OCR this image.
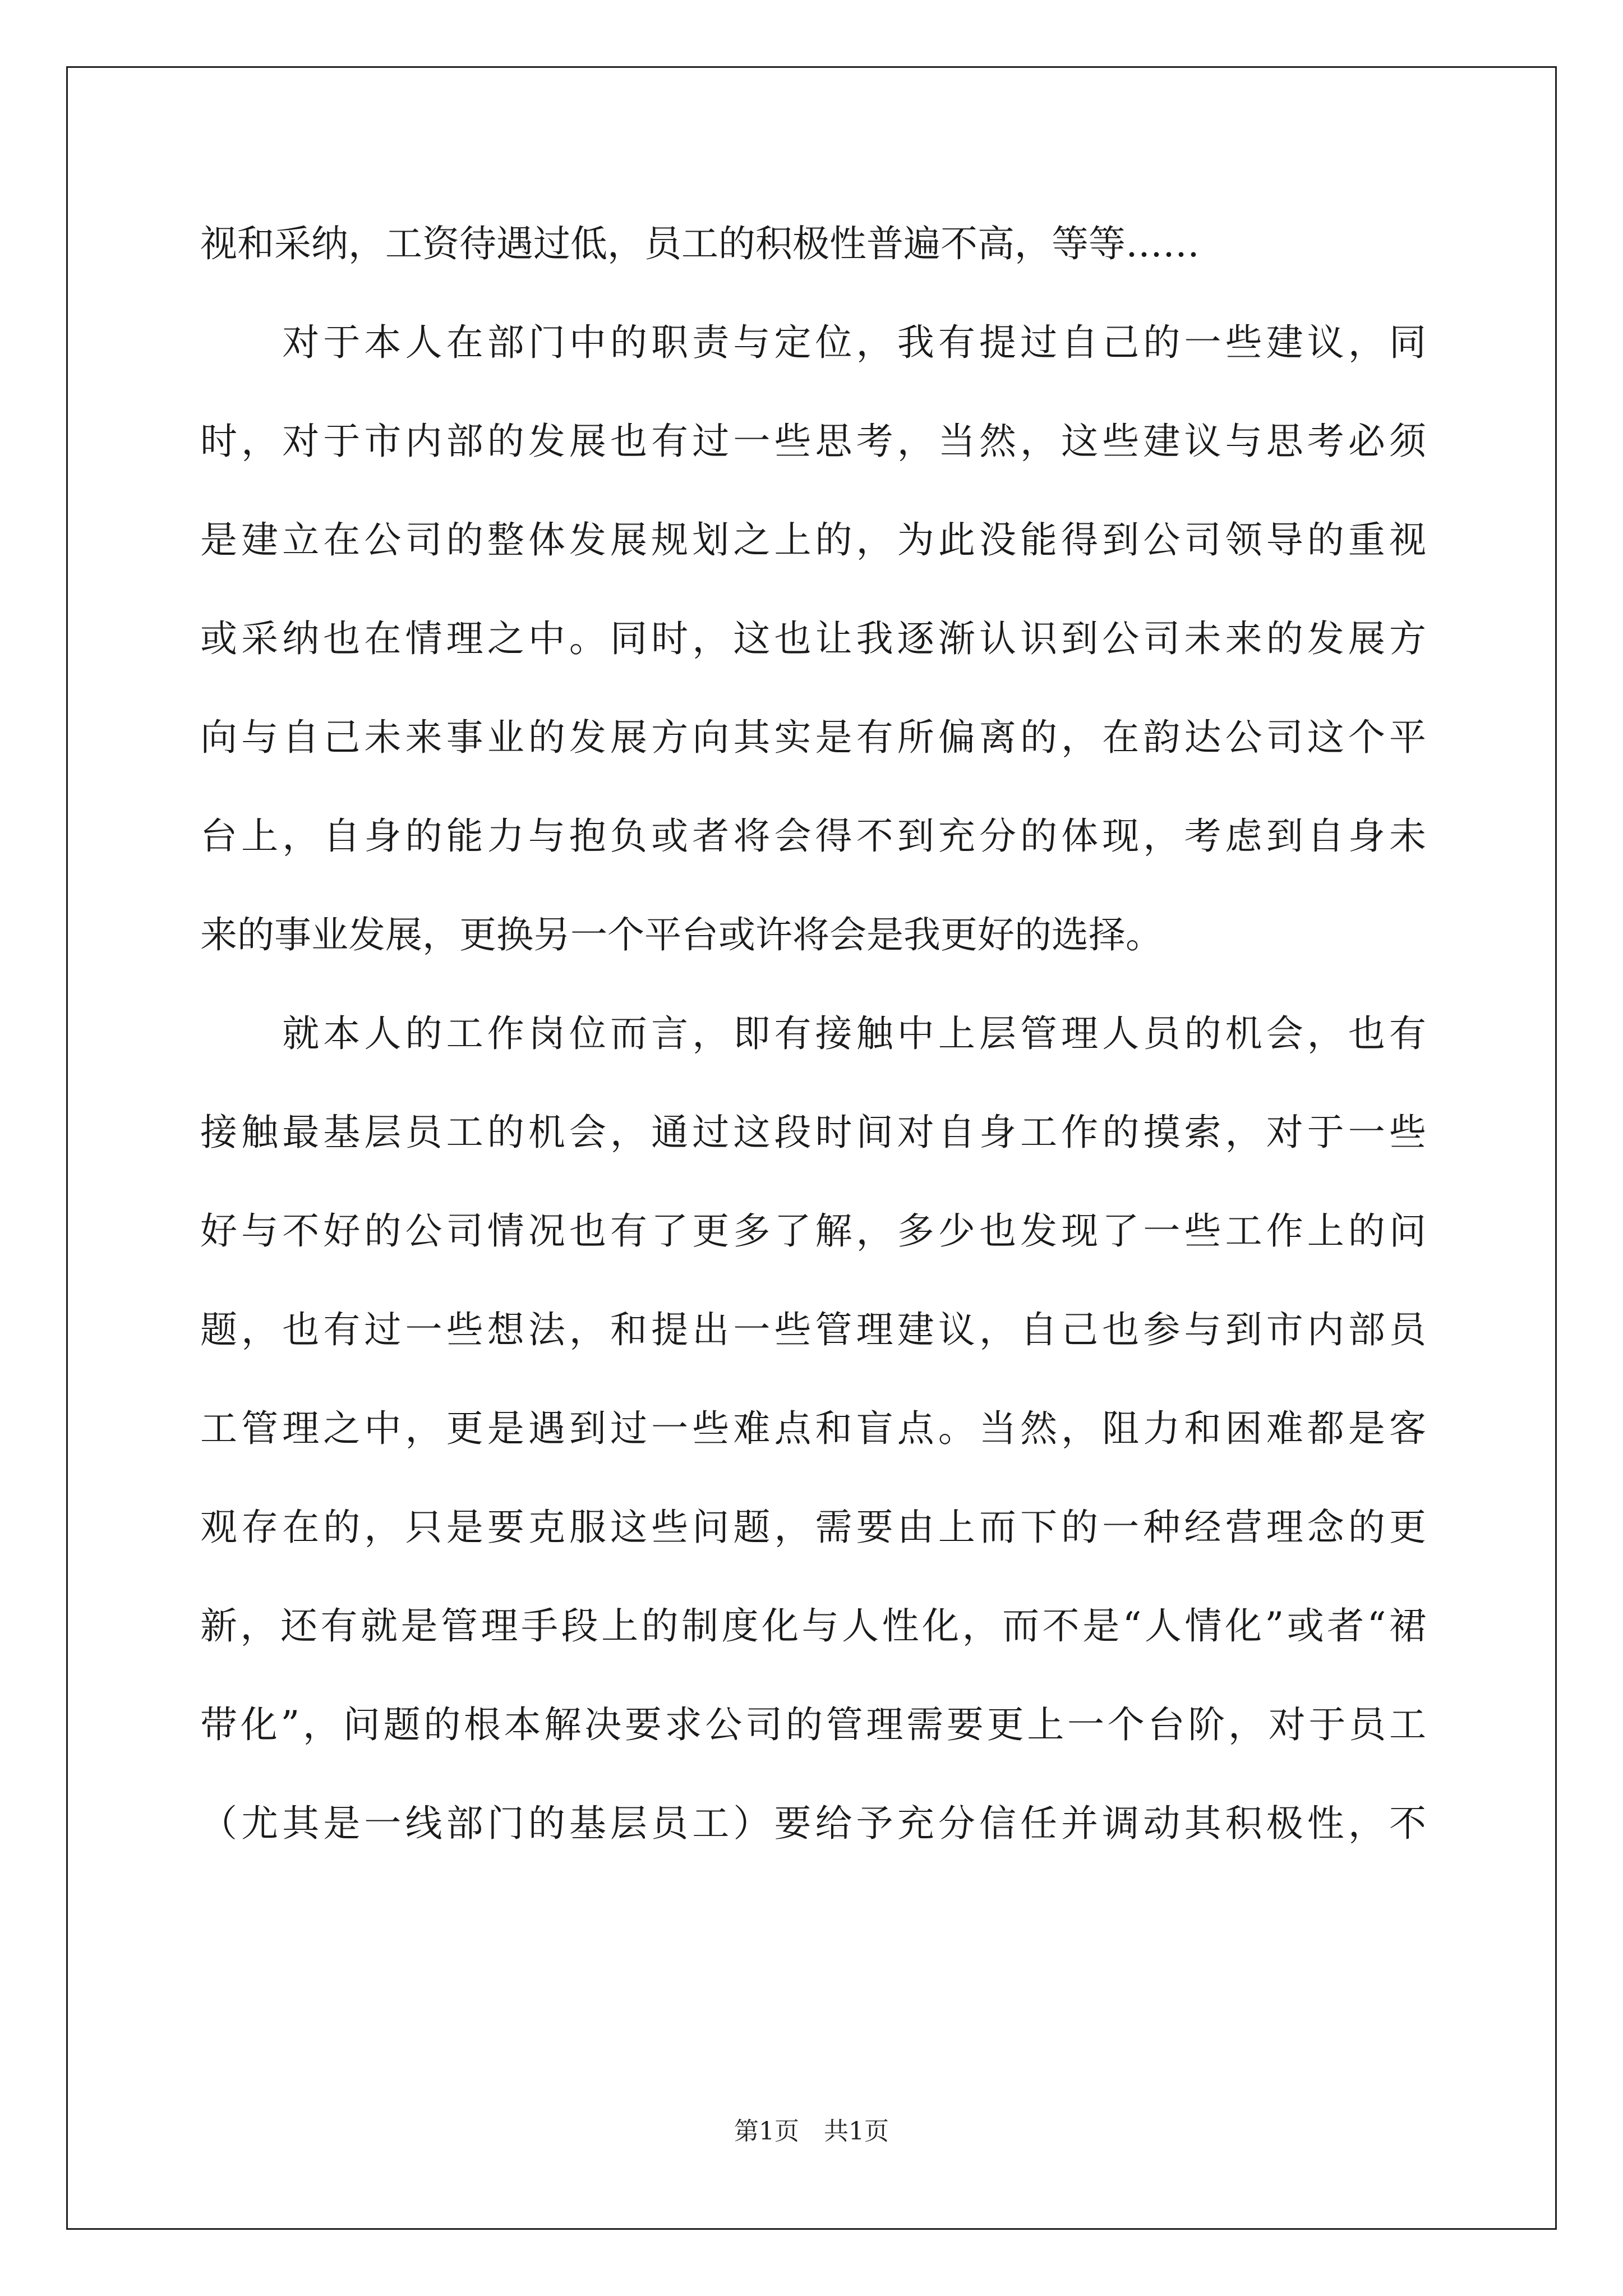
视和采纳，工资待遇过低，员工的积极性普遍不高，等等……
　　对于本人在部门中的职责与定位，我有提过自己的一些建议，同
时，对于市内部的发展也有过一些思考，当然，这些建议与思考必须
是建立在公司的整体发展规划之上的，为此没能得到公司领导的重视
或采纳也在情理之中。同时，这也让我逐渐认识到公司未来的发展方
向与自己未来事业的发展方向其实是有所偏离的，在韵达公司这个平
台上，自身的能力与抱负或者将会得不到充分的体现，考虑到自身未
来的事业发展，更换另一个平台或许将会是我更好的选择。
　　就本人的工作岗位而言，即有接触中上层管理人员的机会，也有
接触最基层员工的机会，通过这段时间对自身工作的摸索，对于一些
好与不好的公司情况也有了更多了解，多少也发现了一些工作上的问
题，也有过一些想法，和提出一些管理建议，自己也参与到市内部员
工管理之中，更是遇到过一些难点和盲点。当然，阻力和困难都是客
观存在的，只是要克服这些问题，需要由上而下的一种经营理念的更
新，还有就是管理手段上的制度化与人性化，而不是“人情化”或者“裙
带化”，问题的根本解决要求公司的管理需要更上一个台阶，对于员工
（尤其是一线部门的基层员工）要给予充分信任并调动其积极性，不
第1页　共1页
